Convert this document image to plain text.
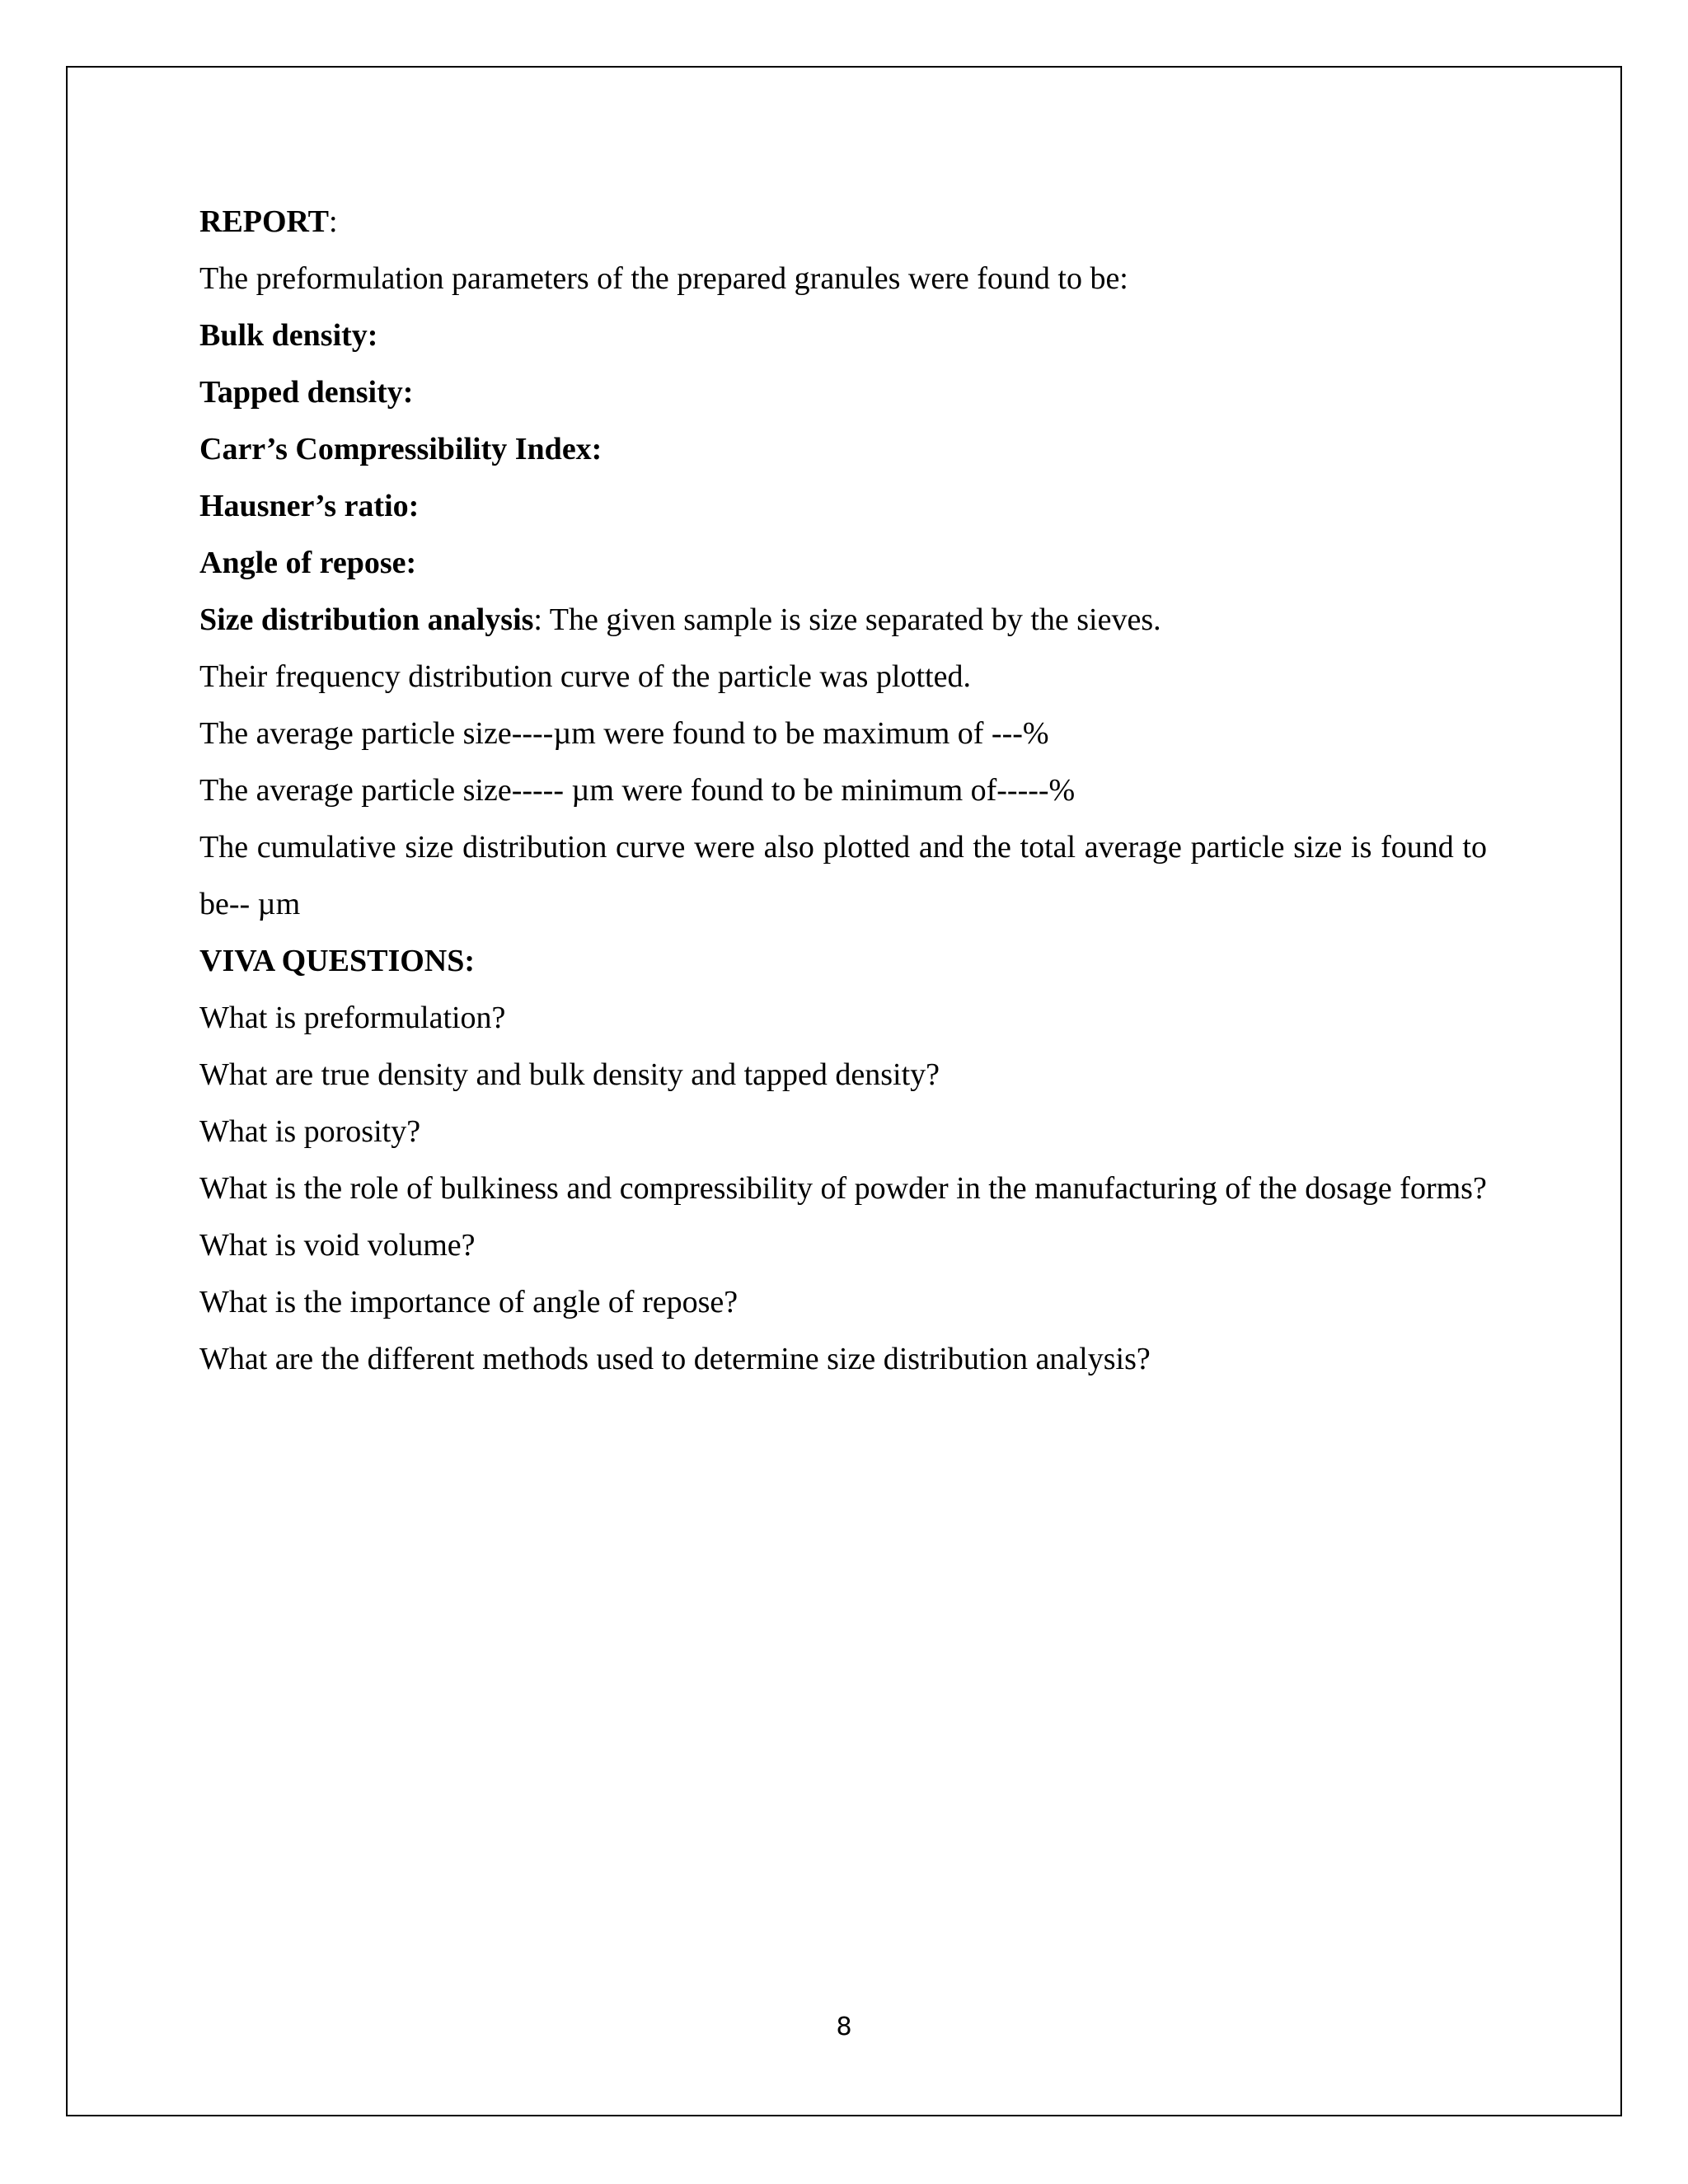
REPORT:

The preformulation parameters of the prepared granules were found to be:

Bulk density:

Tapped density:

Carr’s Compressibility Index:

Hausner’s ratio:

Angle of repose:

Size distribution analysis: The given sample is size separated by the sieves.

Their frequency distribution curve of the particle was plotted.

The average particle size----µm were found to be maximum of ---%

The average particle size----- µm were found to be minimum of-----%

The cumulative size distribution curve were also plotted and the total average particle size is found to be-- µm

VIVA QUESTIONS:

What is preformulation?

What are true density and bulk density and tapped density?

What is porosity?

What is the role of bulkiness and compressibility of powder in the manufacturing of the dosage forms?

What is void volume?

What is the importance of angle of repose?

What are the different methods used to determine size distribution analysis?

8
